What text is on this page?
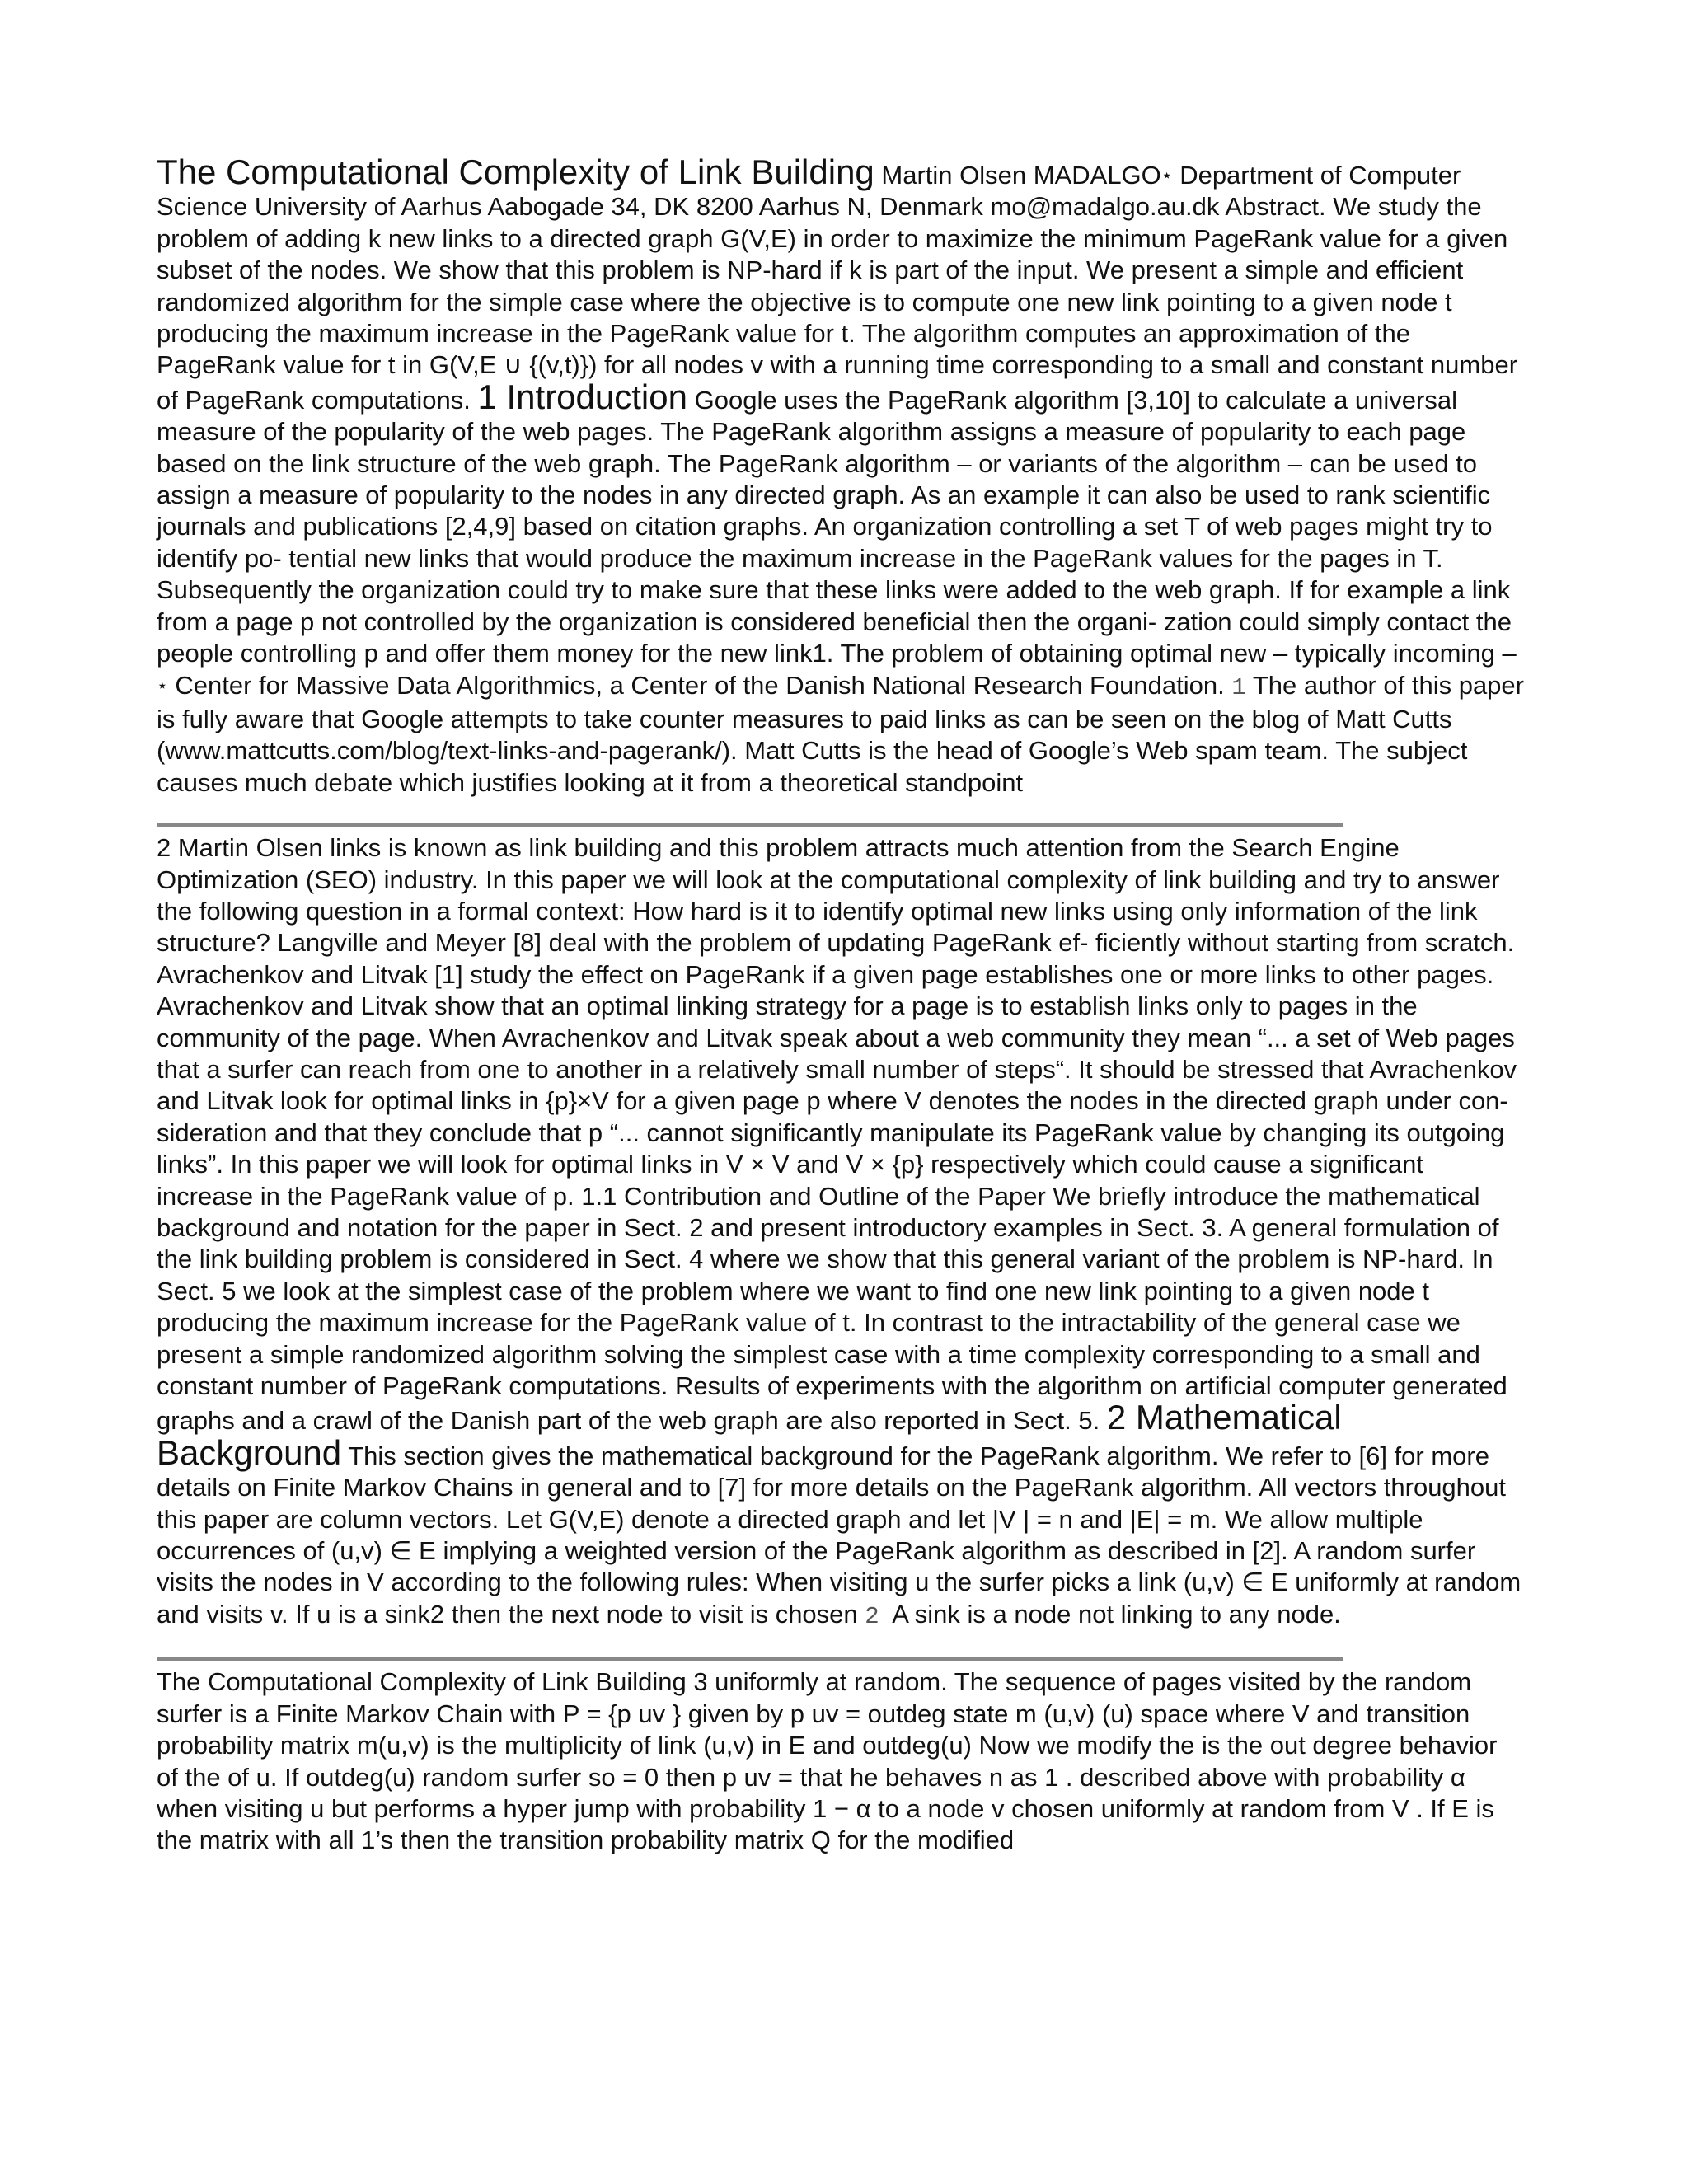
The Computational Complexity of Link Building Martin Olsen MADALGO⋆ Department of Computer Science University of Aarhus Aabogade 34, DK 8200 Aarhus N, Denmark mo@madalgo.au.dk Abstract. We study the problem of adding k new links to a directed graph G(V,E) in order to maximize the minimum PageRank value for a given subset of the nodes. We show that this problem is NP-hard if k is part of the input. We present a simple and efficient randomized algorithm for the simple case where the objective is to compute one new link pointing to a given node t producing the maximum increase in the PageRank value for t. The algorithm computes an approximation of the PageRank value for t in G(V,E ∪ {(v,t)}) for all nodes v with a running time corresponding to a small and constant number of PageRank computations. 1 Introduction Google uses the PageRank algorithm [3,10] to calculate a universal measure of the popularity of the web pages. The PageRank algorithm assigns a measure of popularity to each page based on the link structure of the web graph. The PageRank algorithm – or variants of the algorithm – can be used to assign a measure of popularity to the nodes in any directed graph. As an example it can also be used to rank scientific journals and publications [2,4,9] based on citation graphs. An organization controlling a set T of web pages might try to identify po- tential new links that would produce the maximum increase in the PageRank values for the pages in T. Subsequently the organization could try to make sure that these links were added to the web graph. If for example a link from a page p not controlled by the organization is considered beneficial then the organi- zation could simply contact the people controlling p and offer them money for the new link1. The problem of obtaining optimal new – typically incoming – ⋆ Center for Massive Data Algorithmics, a Center of the Danish National Research Foundation. 1 The author of this paper is fully aware that Google attempts to take counter measures to paid links as can be seen on the blog of Matt Cutts (www.mattcutts.com/blog/text-links-and-pagerank/). Matt Cutts is the head of Google’s Web spam team. The subject causes much debate which justifies looking at it from a theoretical standpoint

2 Martin Olsen links is known as link building and this problem attracts much attention from the Search Engine Optimization (SEO) industry. In this paper we will look at the computational complexity of link building and try to answer the following question in a formal context: How hard is it to identify optimal new links using only information of the link structure? Langville and Meyer [8] deal with the problem of updating PageRank ef- ficiently without starting from scratch. Avrachenkov and Litvak [1] study the effect on PageRank if a given page establishes one or more links to other pages. Avrachenkov and Litvak show that an optimal linking strategy for a page is to establish links only to pages in the community of the page. When Avrachenkov and Litvak speak about a web community they mean “... a set of Web pages that a surfer can reach from one to another in a relatively small number of steps“. It should be stressed that Avrachenkov and Litvak look for optimal links in {p}×V for a given page p where V denotes the nodes in the directed graph under con- sideration and that they conclude that p “... cannot significantly manipulate its PageRank value by changing its outgoing links”. In this paper we will look for optimal links in V × V and V × {p} respectively which could cause a significant increase in the PageRank value of p. 1.1 Contribution and Outline of the Paper We briefly introduce the mathematical background and notation for the paper in Sect. 2 and present introductory examples in Sect. 3. A general formulation of the link building problem is considered in Sect. 4 where we show that this general variant of the problem is NP-hard. In Sect. 5 we look at the simplest case of the problem where we want to find one new link pointing to a given node t producing the maximum increase for the PageRank value of t. In contrast to the intractability of the general case we present a simple randomized algorithm solving the simplest case with a time complexity corresponding to a small and constant number of PageRank computations. Results of experiments with the algorithm on artificial computer generated graphs and a crawl of the Danish part of the web graph are also reported in Sect. 5. 2 Mathematical Background This section gives the mathematical background for the PageRank algorithm. We refer to [6] for more details on Finite Markov Chains in general and to [7] for more details on the PageRank algorithm. All vectors throughout this paper are column vectors. Let G(V,E) denote a directed graph and let |V | = n and |E| = m. We allow multiple occurrences of (u,v) ∈ E implying a weighted version of the PageRank algorithm as described in [2]. A random surfer visits the nodes in V according to the following rules: When visiting u the surfer picks a link (u,v) ∈ E uniformly at random and visits v. If u is a sink2 then the next node to visit is chosen 2 A sink is a node not linking to any node.

The Computational Complexity of Link Building 3 uniformly at random. The sequence of pages visited by the random surfer is a Finite Markov Chain with P = {p uv } given by p uv = outdeg state m (u,v) (u) space where V and transition probability matrix m(u,v) is the multiplicity of link (u,v) in E and outdeg(u) Now we modify the is the out degree behavior of the of u. If outdeg(u) random surfer so = 0 then p uv = that he behaves n as 1 . described above with probability α when visiting u but performs a hyper jump with probability 1 − α to a node v chosen uniformly at random from V . If E is the matrix with all 1’s then the transition probability matrix Q for the modified
